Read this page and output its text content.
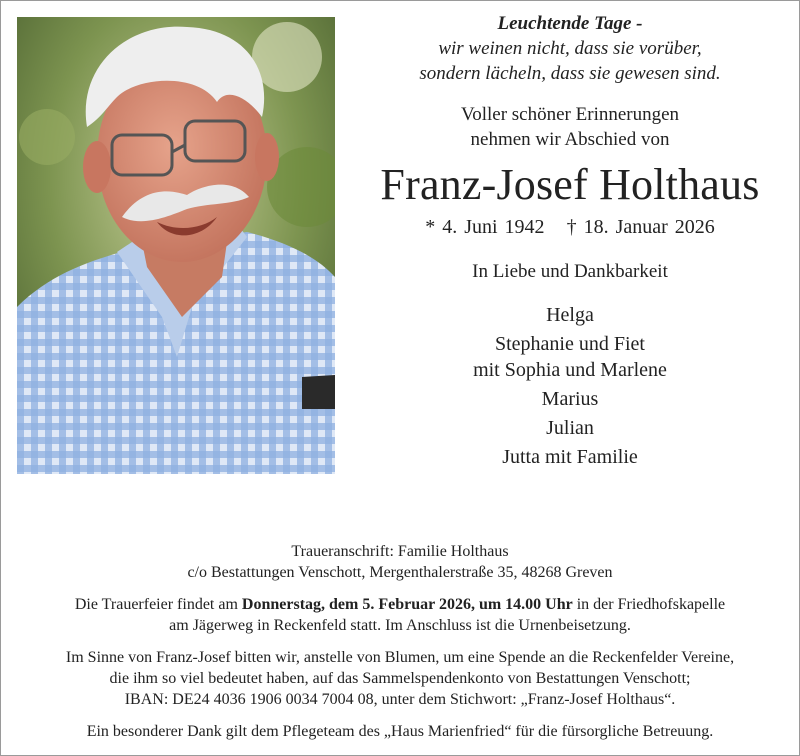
Leuchtende Tage -
wir weinen nicht, dass sie vorüber,
sondern lächeln, dass sie gewesen sind.
Voller schöner Erinnerungen
nehmen wir Abschied von
Franz-Josef Holthaus
* 4. Juni 1942 † 18. Januar 2026
In Liebe und Dankbarkeit
Helga
Stephanie und Fiet
mit Sophia und Marlene
Marius
Julian
Jutta mit Familie

Traueranschrift: Familie Holthaus

c/o Bestattungen Venschott, Mergenthalerstraße 35, 48268 Greven

Die Trauerfeier findet am Donnerstag, dem 5. Februar 2026, um 14.00 Uhr in der Friedhofskapelle

am Jägerweg in Reckenfeld statt. Im Anschluss ist die Urnenbeisetzung.

Im Sinne von Franz-Josef bitten wir, anstelle von Blumen, um eine Spende an die Reckenfelder Vereine,

die ihm so viel bedeutet haben, auf das Sammelspendenkonto von Bestattungen Venschott;

IBAN: DE24 4036 1906 0034 7004 08, unter dem Stichwort: „Franz-Josef Holthaus“.

Ein besonderer Dank gilt dem Pflegeteam des „Haus Marienfried“ für die fürsorgliche Betreuung.
